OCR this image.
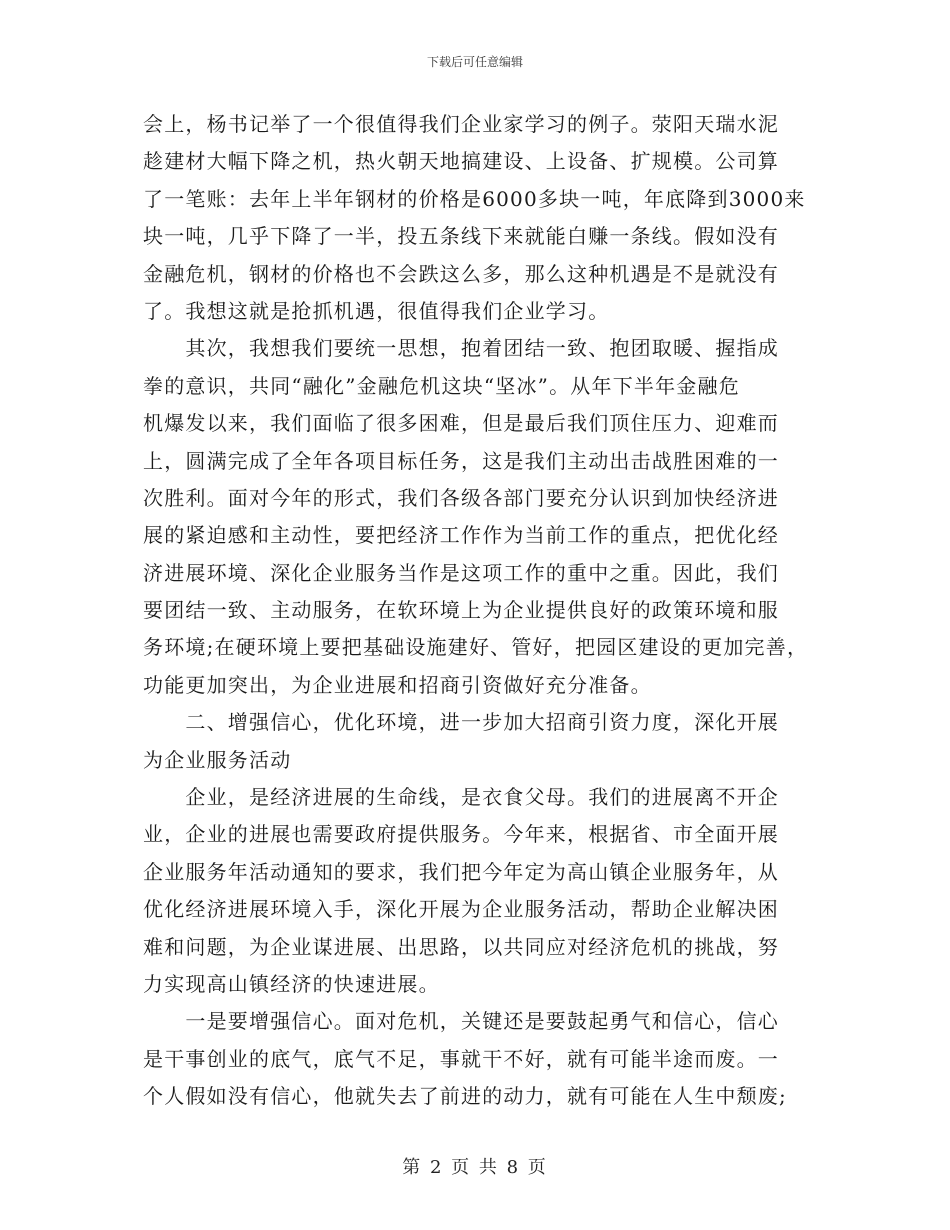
下载后可任意编辑
会上，杨书记举了一个很值得我们企业家学习的例子。荥阳天瑞水泥
趁建材大幅下降之机，热火朝天地搞建设、上设备、扩规模。公司算
了一笔账：去年上半年钢材的价格是6000多块一吨，年底降到3000来
块一吨，几乎下降了一半，投五条线下来就能白赚一条线。假如没有
金融危机，钢材的价格也不会跌这么多，那么这种机遇是不是就没有
了。我想这就是抢抓机遇，很值得我们企业学习。
　　其次，我想我们要统一思想，抱着团结一致、抱团取暖、握指成
拳的意识，共同“融化”金融危机这块“坚冰”。从年下半年金融危
机爆发以来，我们面临了很多困难，但是最后我们顶住压力、迎难而
上，圆满完成了全年各项目标任务，这是我们主动出击战胜困难的一
次胜利。面对今年的形式，我们各级各部门要充分认识到加快经济进
展的紧迫感和主动性，要把经济工作作为当前工作的重点，把优化经
济进展环境、深化企业服务当作是这项工作的重中之重。因此，我们
要团结一致、主动服务，在软环境上为企业提供良好的政策环境和服
务环境;在硬环境上要把基础设施建好、管好，把园区建设的更加完善，
功能更加突出，为企业进展和招商引资做好充分准备。
　　二、增强信心，优化环境，进一步加大招商引资力度，深化开展
为企业服务活动
　　企业，是经济进展的生命线，是衣食父母。我们的进展离不开企
业，企业的进展也需要政府提供服务。今年来，根据省、市全面开展
企业服务年活动通知的要求，我们把今年定为高山镇企业服务年，从
优化经济进展环境入手，深化开展为企业服务活动，帮助企业解决困
难和问题，为企业谋进展、出思路，以共同应对经济危机的挑战，努
力实现高山镇经济的快速进展。
　　一是要增强信心。面对危机，关键还是要鼓起勇气和信心，信心
是干事创业的底气，底气不足，事就干不好，就有可能半途而废。一
个人假如没有信心，他就失去了前进的动力，就有可能在人生中颓废;
第 2 页 共 8 页
